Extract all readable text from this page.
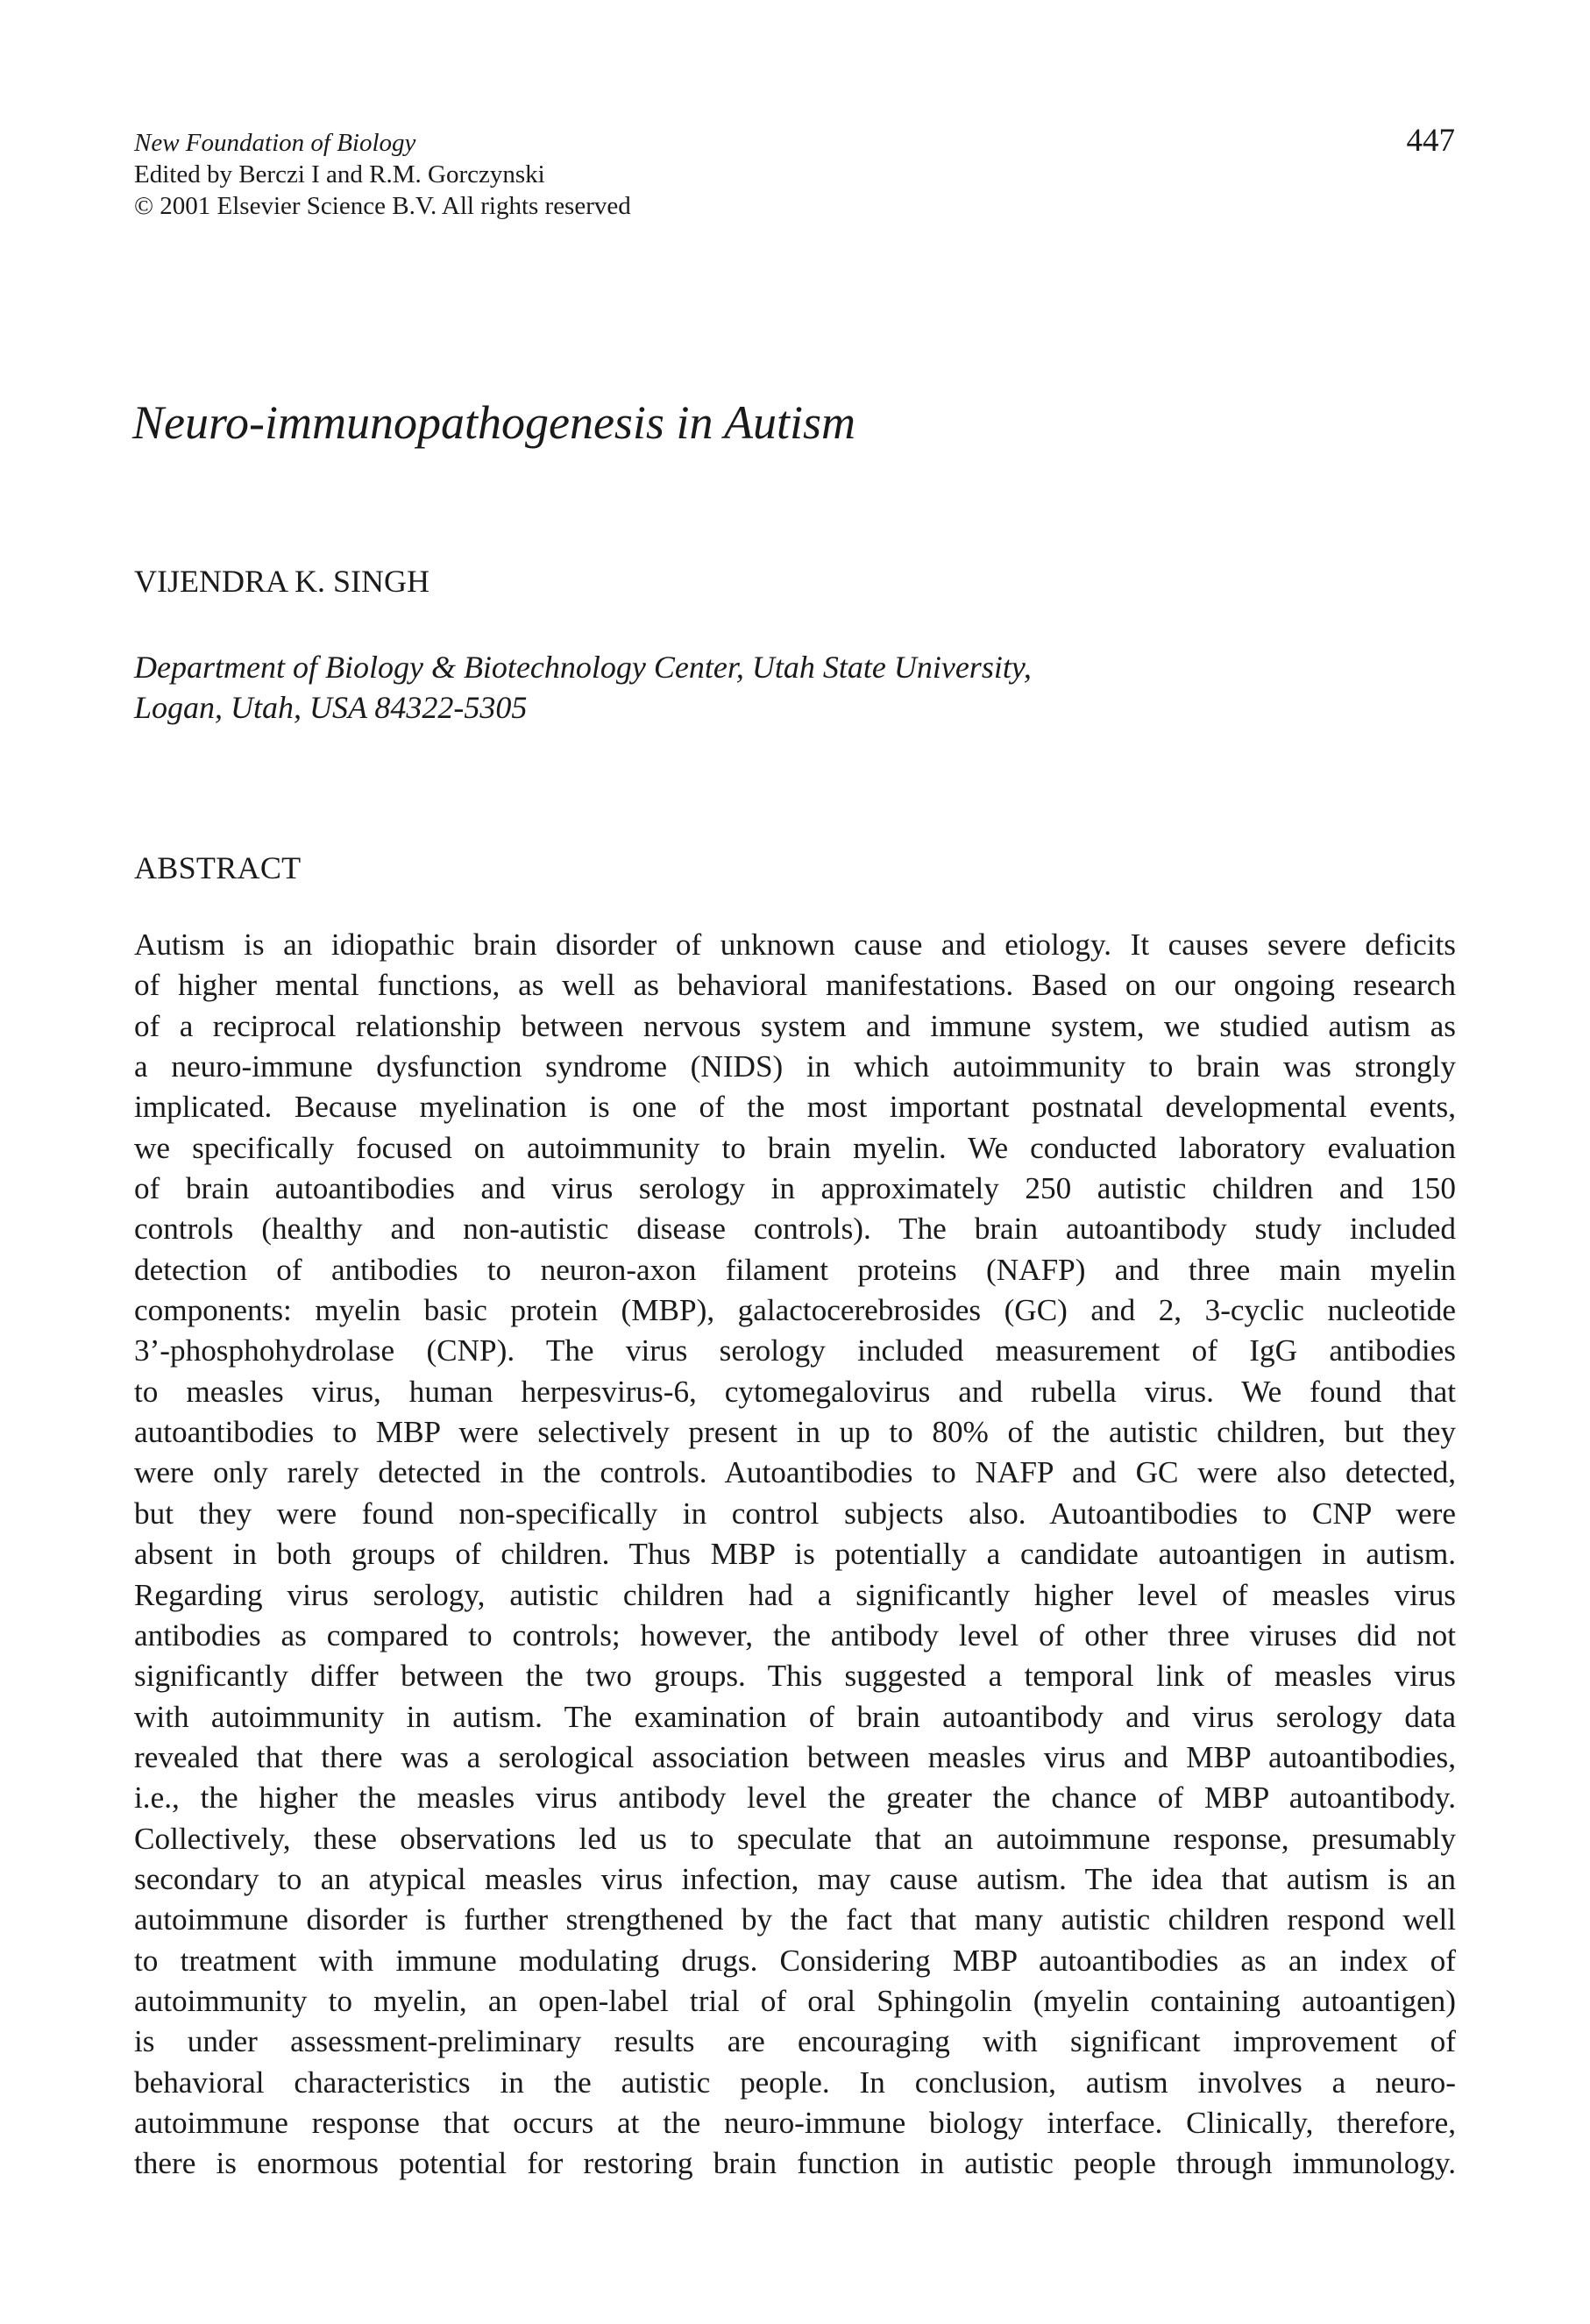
New Foundation of Biology
Edited by Berczi I and R.M. Gorczynski
© 2001 Elsevier Science B.V. All rights reserved
447
Neuro-immunopathogenesis in Autism
VIJENDRA K. SINGH
Department of Biology & Biotechnology Center, Utah State University,
Logan, Utah, USA 84322-5305
ABSTRACT
Autism is an idiopathic brain disorder of unknown cause and etiology. It causes severe deficits
of higher mental functions, as well as behavioral manifestations. Based on our ongoing research
of a reciprocal relationship between nervous system and immune system, we studied autism as
a neuro-immune dysfunction syndrome (NIDS) in which autoimmunity to brain was strongly
implicated. Because myelination is one of the most important postnatal developmental events,
we specifically focused on autoimmunity to brain myelin. We conducted laboratory evaluation
of brain autoantibodies and virus serology in approximately 250 autistic children and 150
controls (healthy and non-autistic disease controls). The brain autoantibody study included
detection of antibodies to neuron-axon filament proteins (NAFP) and three main myelin
components: myelin basic protein (MBP), galactocerebrosides (GC) and 2, 3-cyclic nucleotide
3’-phosphohydrolase (CNP). The virus serology included measurement of IgG antibodies
to measles virus, human herpesvirus-6, cytomegalovirus and rubella virus. We found that
autoantibodies to MBP were selectively present in up to 80% of the autistic children, but they
were only rarely detected in the controls. Autoantibodies to NAFP and GC were also detected,
but they were found non-specifically in control subjects also. Autoantibodies to CNP were
absent in both groups of children. Thus MBP is potentially a candidate autoantigen in autism.
Regarding virus serology, autistic children had a significantly higher level of measles virus
antibodies as compared to controls; however, the antibody level of other three viruses did not
significantly differ between the two groups. This suggested a temporal link of measles virus
with autoimmunity in autism. The examination of brain autoantibody and virus serology data
revealed that there was a serological association between measles virus and MBP autoantibodies,
i.e., the higher the measles virus antibody level the greater the chance of MBP autoantibody.
Collectively, these observations led us to speculate that an autoimmune response, presumably
secondary to an atypical measles virus infection, may cause autism. The idea that autism is an
autoimmune disorder is further strengthened by the fact that many autistic children respond well
to treatment with immune modulating drugs. Considering MBP autoantibodies as an index of
autoimmunity to myelin, an open-label trial of oral Sphingolin (myelin containing autoantigen)
is under assessment-preliminary results are encouraging with significant improvement of
behavioral characteristics in the autistic people. In conclusion, autism involves a neuro-
autoimmune response that occurs at the neuro-immune biology interface. Clinically, therefore,
there is enormous potential for restoring brain function in autistic people through immunology.
